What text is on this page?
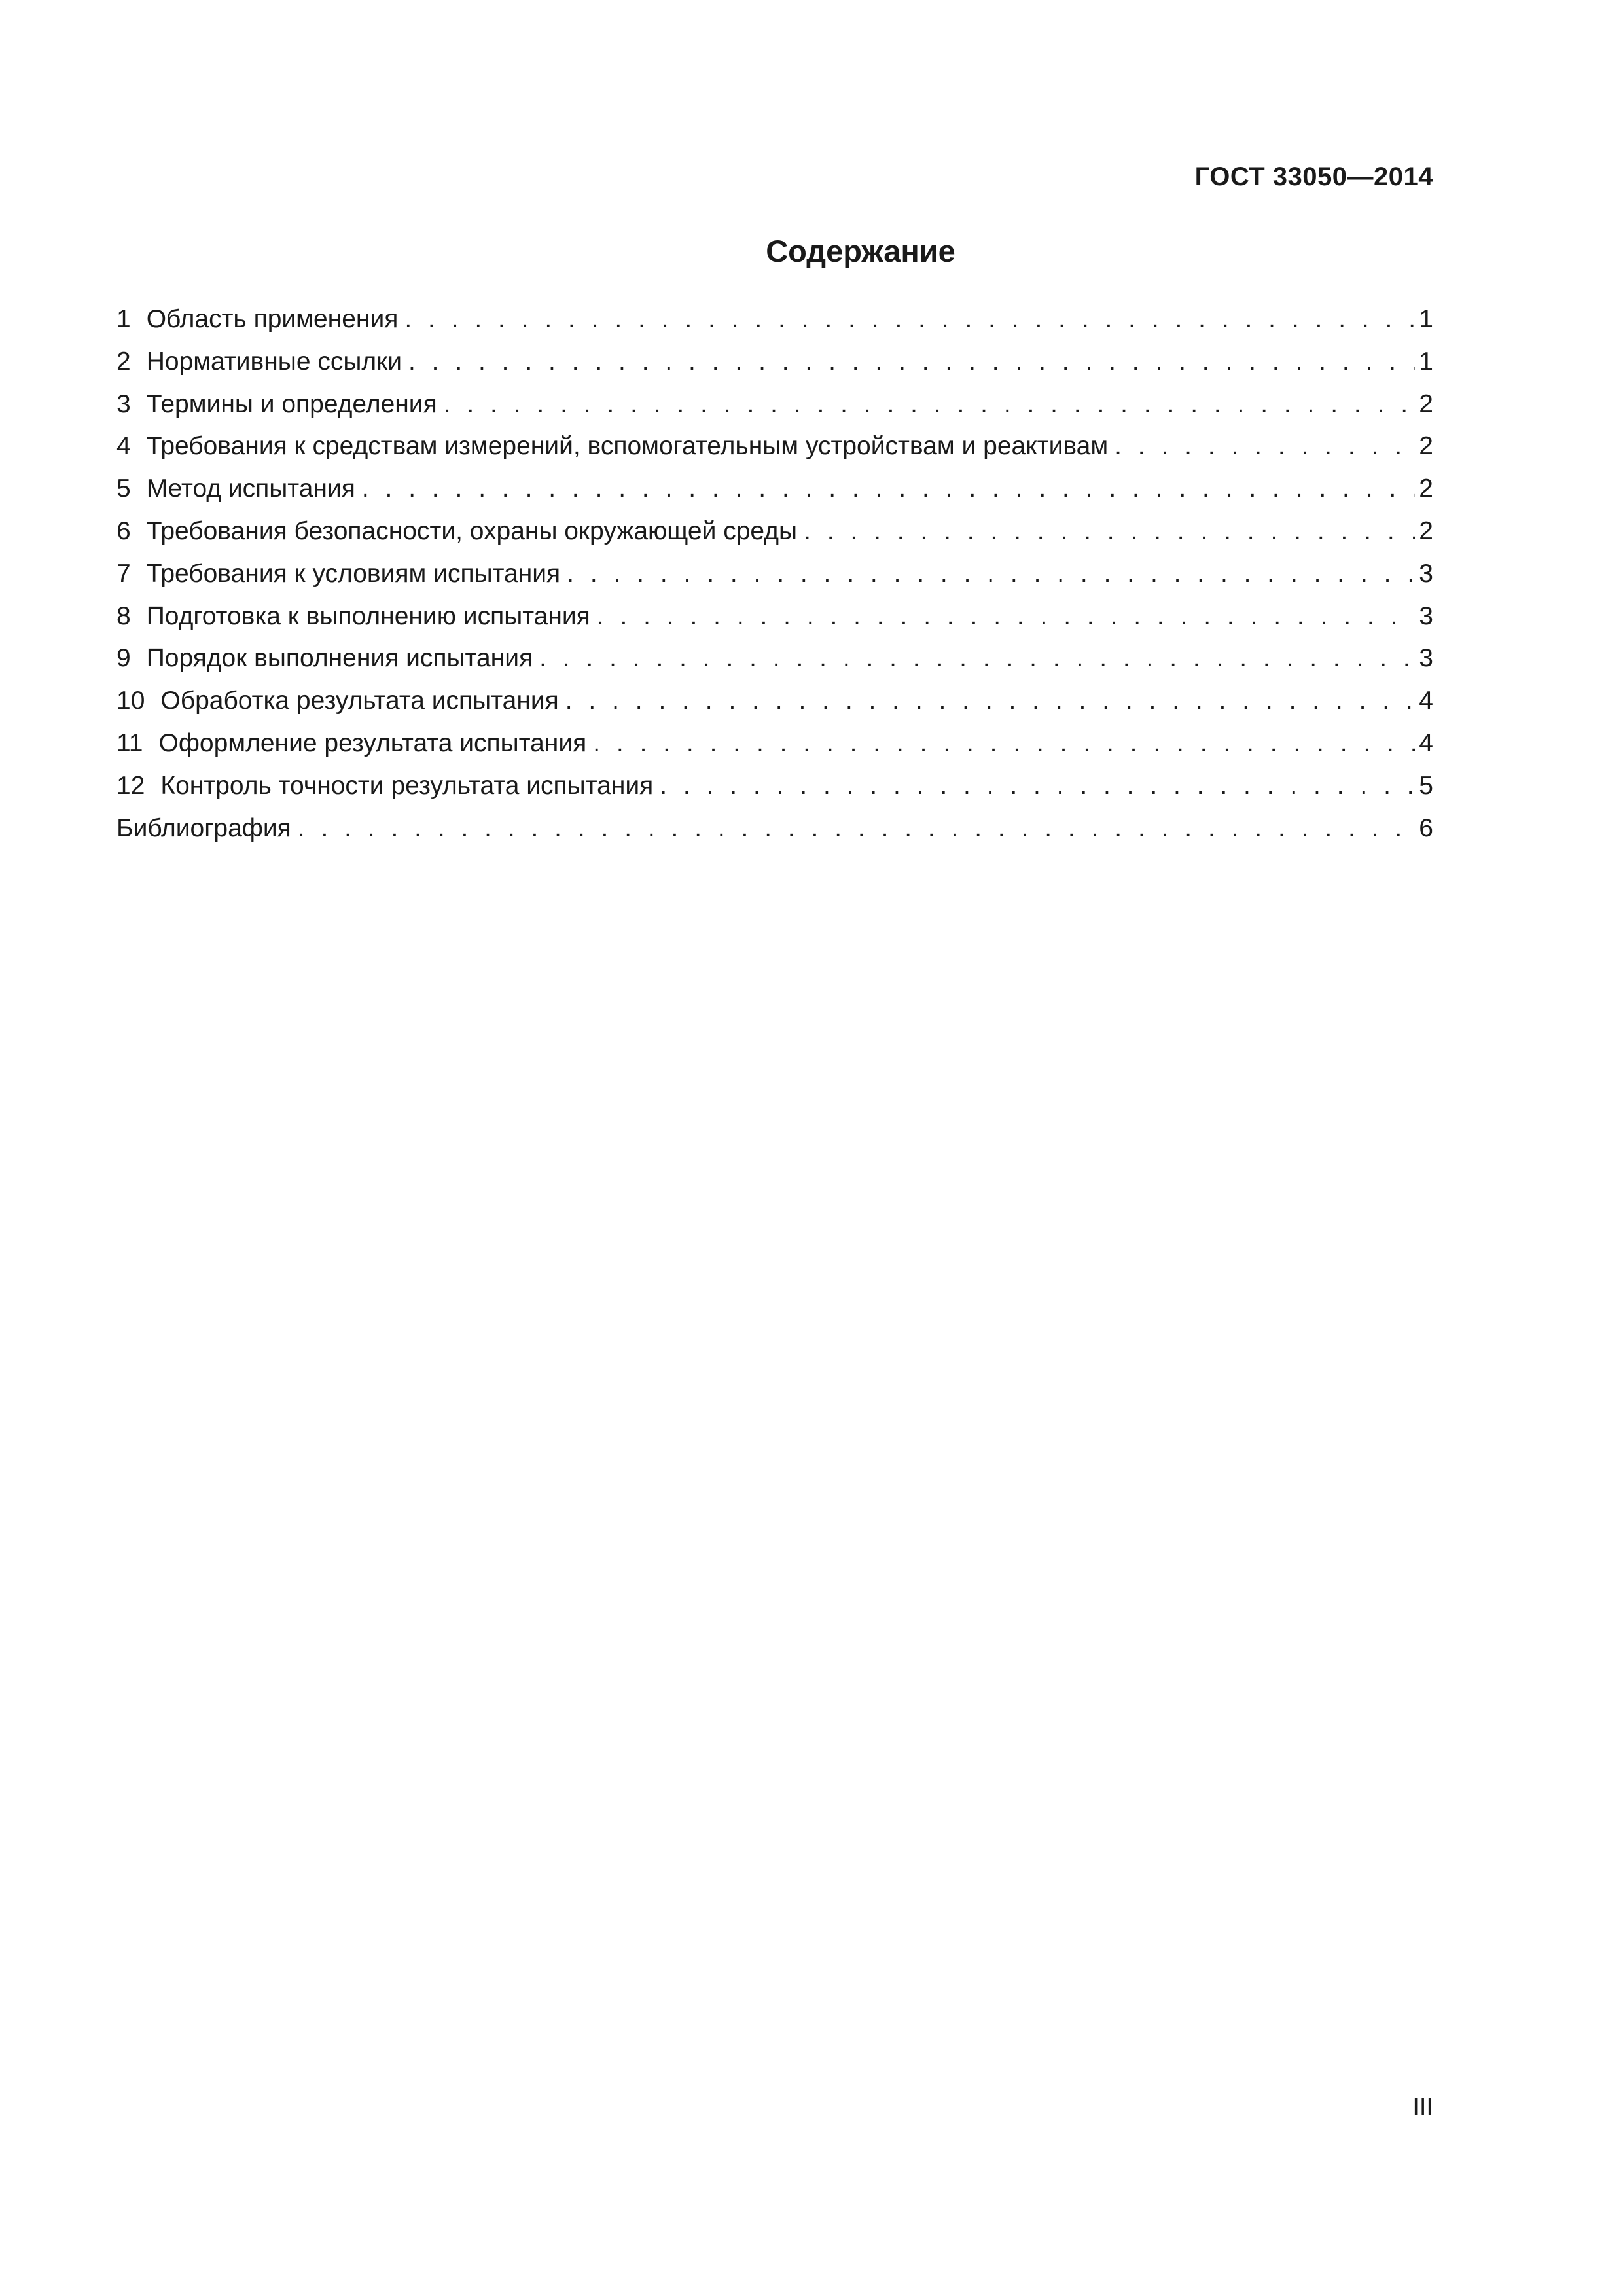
ГОСТ 33050—2014
Содержание
1 Область применения . . .	1
2 Нормативные ссылки . . .	1
3 Термины и определения . . .	2
4 Требования к средствам измерений, вспомогательным устройствам и реактивам . . .	2
5 Метод испытания . . .	2
6 Требования безопасности, охраны окружающей среды . . .	2
7 Требования к условиям испытания . . .	3
8 Подготовка к выполнению испытания . . .	3
9 Порядок выполнения испытания . . .	3
10 Обработка результата испытания . . .	4
11 Оформление результата испытания . . .	4
12 Контроль точности результата испытания . . .	5
Библиография . . .	6
III
